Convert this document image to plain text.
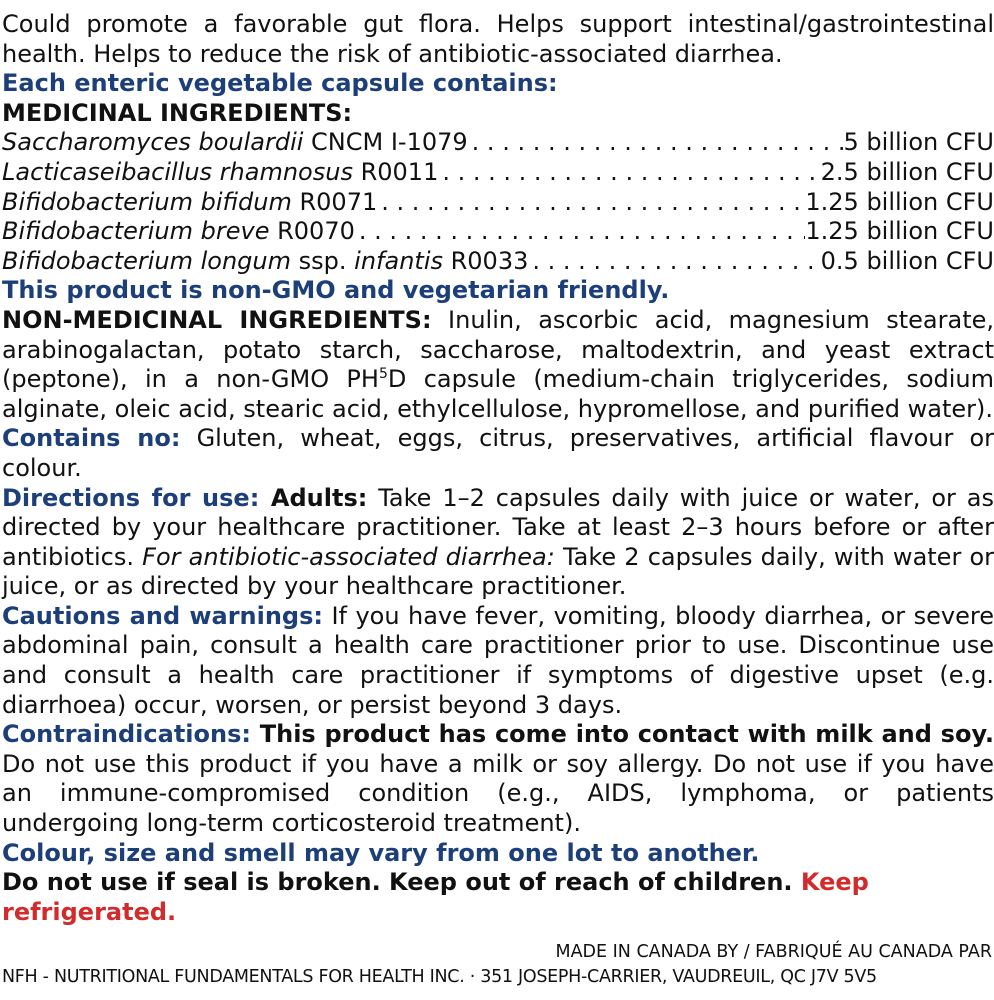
Could promote a favorable gut flora. Helps support intestinal/gastrointestinal health. Helps to reduce the risk of antibiotic-associated diarrhea.

Each enteric vegetable capsule contains:

MEDICINAL INGREDIENTS:

Saccharomyces boulardii CNCM I-1079 . . .	5 billion CFU
Lacticaseibacillus rhamnosus R0011 . . .	2.5 billion CFU
Bifidobacterium bifidum R0071 . . .	1.25 billion CFU
Bifidobacterium breve R0070 . . .	1.25 billion CFU
Bifidobacterium longum ssp. infantis R0033 . . .	0.5 billion CFU

This product is non-GMO and vegetarian friendly.

NON-MEDICINAL INGREDIENTS: Inulin, ascorbic acid, magnesium stearate, arabinogalactan, potato starch, saccharose, maltodextrin, and yeast extract (peptone), in a non-GMO $PH^5D$ capsule (medium-chain triglycerides, sodium alginate, oleic acid, stearic acid, ethylcellulose, hypromellose, and purified water).

Contains no: Gluten, wheat, eggs, citrus, preservatives, artificial flavour or colour.

Directions for use: Adults: Take 1–2 capsules daily with juice or water, or as directed by your healthcare practitioner. Take at least 2–3 hours before or after antibiotics. For antibiotic-associated diarrhea: Take 2 capsules daily, with water or juice, or as directed by your healthcare practitioner.

Cautions and warnings: If you have fever, vomiting, bloody diarrhea, or severe abdominal pain, consult a health care practitioner prior to use. Discontinue use and consult a health care practitioner if symptoms of digestive upset (e.g. diarrhoea) occur, worsen, or persist beyond 3 days.

Contraindications: This product has come into contact with milk and soy. Do not use this product if you have a milk or soy allergy. Do not use if you have an immune-compromised condition (e.g., AIDS, lymphoma, or patients undergoing long-term corticosteroid treatment).

Colour, size and smell may vary from one lot to another.

Do not use if seal is broken. Keep out of reach of children. Keep refrigerated.

MADE IN CANADA BY / FABRIQUÉ AU CANADA PAR
NFH - NUTRITIONAL FUNDAMENTALS FOR HEALTH INC. · 351 JOSEPH-CARRIER, VAUDREUIL, QC J7V 5V5
